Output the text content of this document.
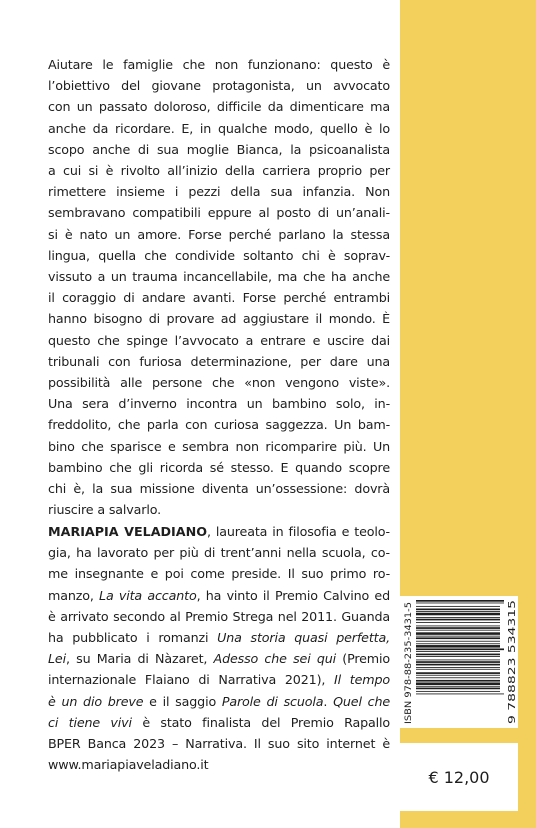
Aiutare le famiglie che non funzionano: questo è
l’obiettivo del giovane protagonista, un avvocato
con un passato doloroso, difficile da dimenticare ma
anche da ricordare. E, in qualche modo, quello è lo
scopo anche di sua moglie Bianca, la psicoanalista
a cui si è rivolto all’inizio della carriera proprio per
rimettere insieme i pezzi della sua infanzia. Non
sembravano compatibili eppure al posto di un’anali-
si è nato un amore. Forse perché parlano la stessa
lingua, quella che condivide soltanto chi è soprav-
vissuto a un trauma incancellabile, ma che ha anche
il coraggio di andare avanti. Forse perché entrambi
hanno bisogno di provare ad aggiustare il mondo. È
questo che spinge l’avvocato a entrare e uscire dai
tribunali con furiosa determinazione, per dare una
possibilità alle persone che «non vengono viste».
Una sera d’inverno incontra un bambino solo, in-
freddolito, che parla con curiosa saggezza. Un bam-
bino che sparisce e sembra non ricomparire più. Un
bambino che gli ricorda sé stesso. E quando scopre
chi è, la sua missione diventa un’ossessione: dovrà
riuscire a salvarlo.

MARIAPIA VELADIANO, laureata in filosofia e teolo-
gia, ha lavorato per più di trent’anni nella scuola, co-
me insegnante e poi come preside. Il suo primo ro-
manzo, La vita accanto, ha vinto il Premio Calvino ed
è arrivato secondo al Premio Strega nel 2011. Guanda
ha pubblicato i romanzi Una storia quasi perfetta,
Lei, su Maria di Nàzaret, Adesso che sei qui (Premio
internazionale Flaiano di Narrativa 2021), Il tempo
è un dio breve e il saggio Parole di scuola. Quel che
ci tiene vivi è stato finalista del Premio Rapallo
BPER Banca 2023 – Narrativa. Il suo sito internet è
www.mariapiaveladiano.it

ISBN 978-88-235-3431-5	9 788823 534315
€ 12,00
